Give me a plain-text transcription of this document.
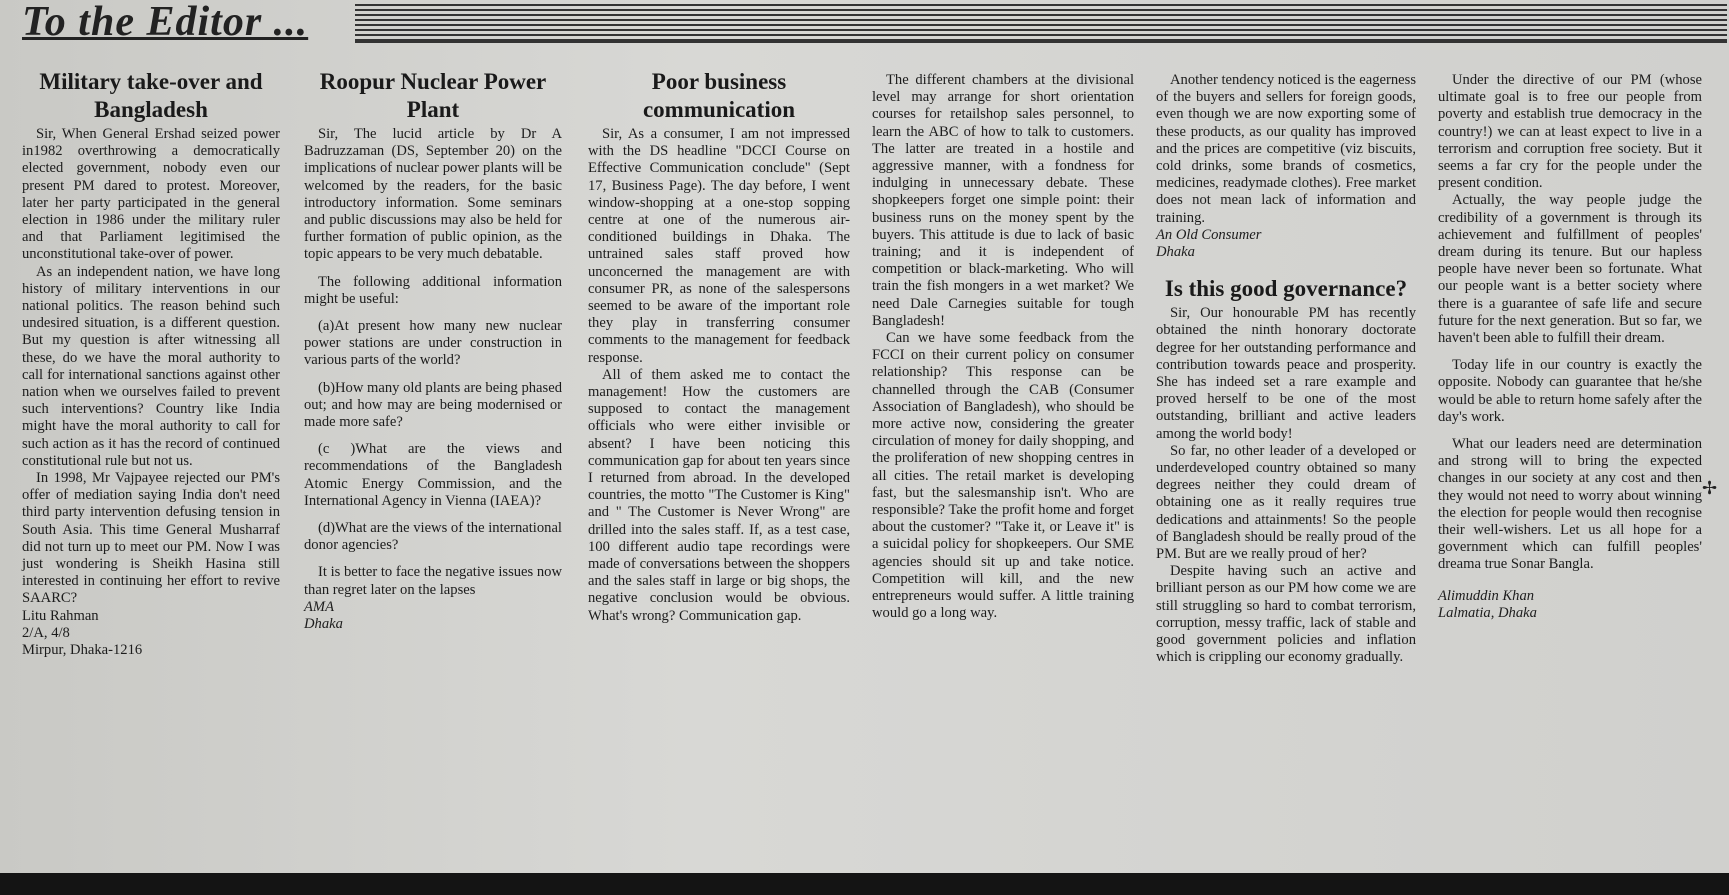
To the Editor ...
Military take-over and Bangladesh

Sir, When General Ershad seized power in1982 overthrowing a democratically elected government, nobody even our present PM dared to protest. Moreover, later her party participated in the general election in 1986 under the military ruler and that Parliament legitimised the unconstitutional take-over of power.

As an independent nation, we have long history of military interventions in our national politics. The reason behind such undesired situation, is a different question. But my question is after witnessing all these, do we have the moral authority to call for international sanctions against other nation when we ourselves failed to prevent such interventions? Country like India might have the moral authority to call for such action as it has the record of continued constitutional rule but not us.

In 1998, Mr Vajpayee rejected our PM's offer of mediation saying India don't need third party intervention defusing tension in South Asia. This time General Musharraf did not turn up to meet our PM. Now I was just wondering is Sheikh Hasina still interested in continuing her effort to revive SAARC?

Litu Rahman
2/A, 4/8
Mirpur, Dhaka-1216

Roopur Nuclear Power Plant

Sir, The lucid article by Dr A Badruzzaman (DS, September 20) on the implications of nuclear power plants will be welcomed by the readers, for the basic introductory information. Some seminars and public discussions may also be held for further formation of public opinion, as the topic appears to be very much debatable.

The following additional information might be useful:

(a)At present how many new nuclear power stations are under construction in various parts of the world?

(b)How many old plants are being phased out; and how may are being modernised or made more safe?

(c )What are the views and recommendations of the Bangladesh Atomic Energy Commission, and the International Agency in Vienna (IAEA)?

(d)What are the views of the international donor agencies?

It is better to face the negative issues now than regret later on the lapses

AMA
Dhaka

Poor business communication

Sir, As a consumer, I am not impressed with the DS headline "DCCI Course on Effective Communication conclude" (Sept 17, Business Page). The day before, I went window-shopping at a one-stop sopping centre at one of the numerous air-conditioned buildings in Dhaka. The untrained sales staff proved how unconcerned the management are with consumer PR, as none of the salespersons seemed to be aware of the important role they play in transferring consumer comments to the management for feedback response.

All of them asked me to contact the management! How the customers are supposed to contact the management officials who were either invisible or absent? I have been noticing this communication gap for about ten years since I returned from abroad. In the developed countries, the motto "The Customer is King" and " The Customer is Never Wrong" are drilled into the sales staff. If, as a test case, 100 different audio tape recordings were made of conversations between the shoppers and the sales staff in large or big shops, the negative conclusion would be obvious. What's wrong? Communication gap.

The different chambers at the divisional level may arrange for short orientation courses for retailshop sales personnel, to learn the ABC of how to talk to customers. The latter are treated in a hostile and aggressive manner, with a fondness for indulging in unnecessary debate. These shopkeepers forget one simple point: their business runs on the money spent by the buyers. This attitude is due to lack of basic training; and it is independent of competition or black-marketing. Who will train the fish mongers in a wet market? We need Dale Carnegies suitable for tough Bangladesh!

Can we have some feedback from the FCCI on their current policy on consumer relationship? This response can be channelled through the CAB (Consumer Association of Bangladesh), who should be more active now, considering the greater circulation of money for daily shopping, and the proliferation of new shopping centres in all cities. The retail market is developing fast, but the salesmanship isn't. Who are responsible? Take the profit home and forget about the customer? "Take it, or Leave it" is a suicidal policy for shopkeepers. Our SME agencies should sit up and take notice. Competition will kill, and the new entrepreneurs would suffer. A little training would go a long way.

Another tendency noticed is the eagerness of the buyers and sellers for foreign goods, even though we are now exporting some of these products, as our quality has improved and the prices are competitive (viz biscuits, cold drinks, some brands of cosmetics, medicines, readymade clothes). Free market does not mean lack of information and training.

An Old Consumer
Dhaka

Is this good governance?

Sir, Our honourable PM has recently obtained the ninth honorary doctorate degree for her outstanding performance and contribution towards peace and prosperity. She has indeed set a rare example and proved herself to be one of the most outstanding, brilliant and active leaders among the world body!

So far, no other leader of a developed or underdeveloped country obtained so many degrees neither they could dream of obtaining one as it really requires true dedications and attainments! So the people of Bangladesh should be really proud of the PM. But are we really proud of her?

Despite having such an active and brilliant person as our PM how come we are still struggling so hard to combat terrorism, corruption, messy traffic, lack of stable and good government policies and inflation which is crippling our economy gradually.

Under the directive of our PM (whose ultimate goal is to free our people from poverty and establish true democracy in the country!) we can at least expect to live in a terrorism and corruption free society. But it seems a far cry for the people under the present condition.

Actually, the way people judge the credibility of a government is through its achievement and fulfillment of peoples' dream during its tenure. But our hapless people have never been so fortunate. What our people want is a better society where there is a guarantee of safe life and secure future for the next generation. But so far, we haven't been able to fulfill their dream.

Today life in our country is exactly the opposite. Nobody can guarantee that he/she would be able to return home safely after the day's work.

What our leaders need are determination and strong will to bring the expected changes in our society at any cost and then they would not need to worry about winning the election for people would then recognise their well-wishers. Let us all hope for a government which can fulfill peoples' dreama true Sonar Bangla.

Alimuddin Khan
Lalmatia, Dhaka

✢
